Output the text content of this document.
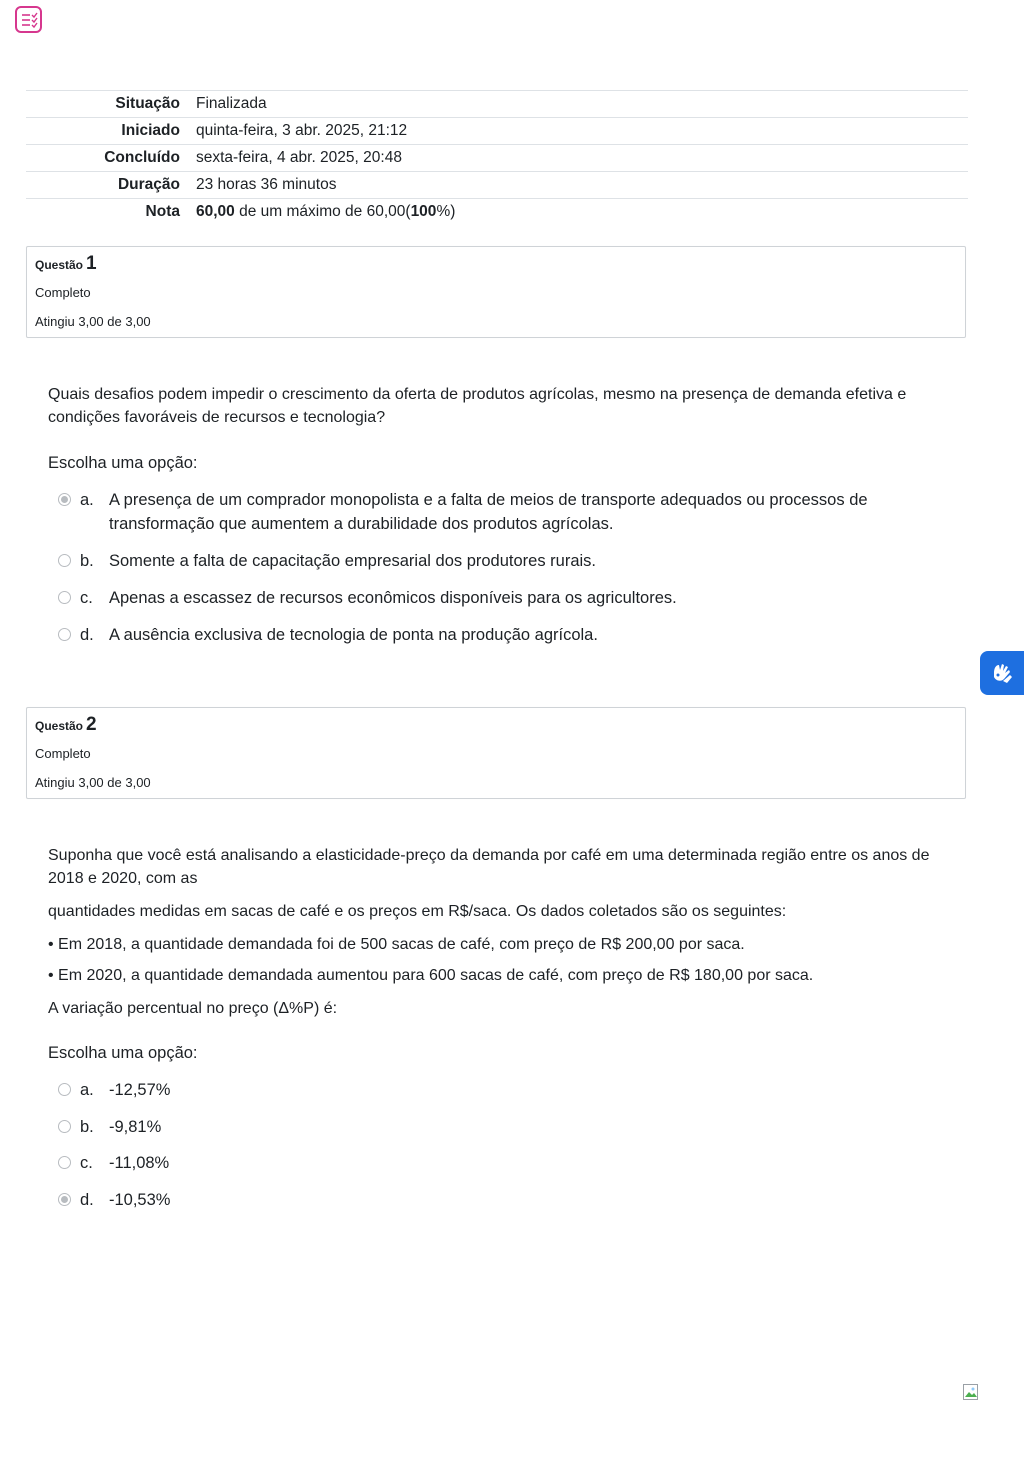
Situação	Finalizada
Iniciado	quinta-feira, 3 abr. 2025, 21:12
Concluído	sexta-feira, 4 abr. 2025, 20:48
Duração	23 horas 36 minutos
Nota	60,00 de um máximo de 60,00(100%)
Questão 1
Completo
Atingiu 3,00 de 3,00

Quais desafios podem impedir o crescimento da oferta de produtos agrícolas, mesmo na presença de demanda efetiva e condições favoráveis de recursos e tecnologia?

Escolha uma opção:
a. A presença de um comprador monopolista e a falta de meios de transporte adequados ou processos de transformação que aumentem a durabilidade dos produtos agrícolas.
b. Somente a falta de capacitação empresarial dos produtores rurais.
c. Apenas a escassez de recursos econômicos disponíveis para os agricultores.
d. A ausência exclusiva de tecnologia de ponta na produção agrícola.
Questão 2
Completo
Atingiu 3,00 de 3,00

Suponha que você está analisando a elasticidade-preço da demanda por café em uma determinada região entre os anos de 2018 e 2020, com as

quantidades medidas em sacas de café e os preços em R$/saca. Os dados coletados são os seguintes:

• Em 2018, a quantidade demandada foi de 500 sacas de café, com preço de R$ 200,00 por saca.

• Em 2020, a quantidade demandada aumentou para 600 sacas de café, com preço de R$ 180,00 por saca.

A variação percentual no preço (Δ%P) é:

Escolha uma opção:
a. -12,57%
b. -9,81%
c. -11,08%
d. -10,53%
